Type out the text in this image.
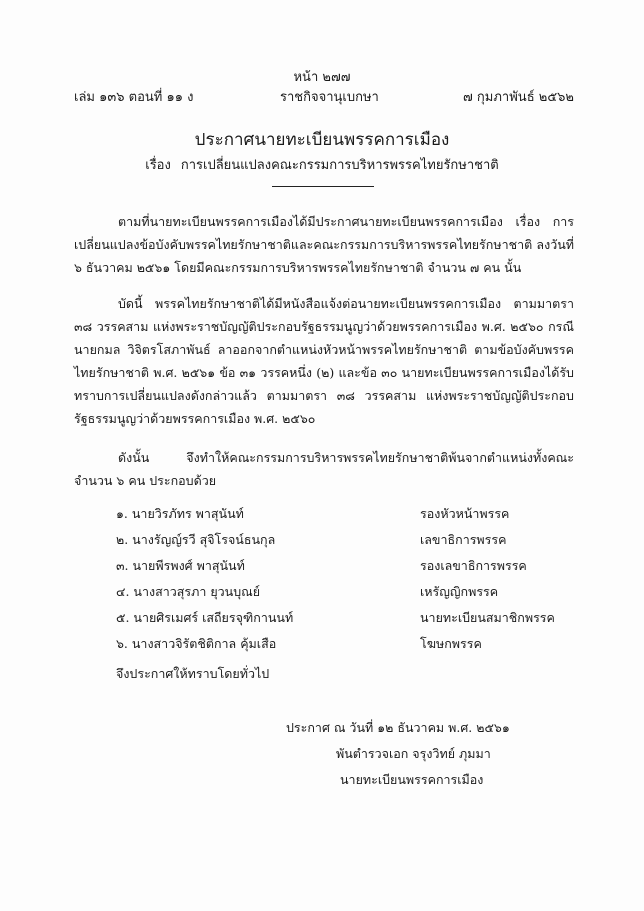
หน้า ๒๗๗
เล่ม ๑๓๖ ตอนที่ ๑๑ ง	ราชกิจจานุเบกษา	๗ กุมภาพันธ์ ๒๕๖๒
ประกาศนายทะเบียนพรรคการเมือง
เรื่อง การเปลี่ยนแปลงคณะกรรมการบริหารพรรคไทยรักษาชาติ

ตามที่นายทะเบียนพรรคการเมืองได้มีประกาศนายทะเบียนพรรคการเมือง เรื่อง การเปลี่ยนแปลงข้อบังคับพรรคไทยรักษาชาติและคณะกรรมการบริหารพรรคไทยรักษาชาติ ลงวันที่ ๖ ธันวาคม ๒๕๖๑ โดยมีคณะกรรมการบริหารพรรคไทยรักษาชาติ จำนวน ๗ คน นั้น

บัดนี้ พรรคไทยรักษาชาติได้มีหนังสือแจ้งต่อนายทะเบียนพรรคการเมือง ตามมาตรา ๓๘ วรรคสาม แห่งพระราชบัญญัติประกอบรัฐธรรมนูญว่าด้วยพรรคการเมือง พ.ศ. ๒๕๖๐ กรณี นายกมล วิจิตรโสภาพันธ์ ลาออกจากตำแหน่งหัวหน้าพรรคไทยรักษาชาติ ตามข้อบังคับพรรคไทยรักษาชาติ พ.ศ. ๒๕๖๑ ข้อ ๓๑ วรรคหนึ่ง (๒) และข้อ ๓๐ นายทะเบียนพรรคการเมืองได้รับทราบการเปลี่ยนแปลงดังกล่าวแล้ว ตามมาตรา ๓๘ วรรคสาม แห่งพระราชบัญญัติประกอบรัฐธรรมนูญว่าด้วยพรรคการเมือง พ.ศ. ๒๕๖๐

ดังนั้น จึงทำให้คณะกรรมการบริหารพรรคไทยรักษาชาติพ้นจากตำแหน่งทั้งคณะ จำนวน ๖ คน ประกอบด้วย

๑. นายวิรภัทร พาสุนันท์	รองหัวหน้าพรรค
๒. นางรัญญ์รวี สุจิโรจน์ธนกุล	เลขาธิการพรรค
๓. นายพีรพงศ์ พาสุนันท์	รองเลขาธิการพรรค
๔. นางสาวสุรภา ยุวนบุณย์	เหรัญญิกพรรค
๕. นายศิรเมศร์ เสถียรจุฑิกานนท์	นายทะเบียนสมาชิกพรรค
๖. นางสาวจิรัตชิติกาล คุ้มเสือ	โฆษกพรรค
จึงประกาศให้ทราบโดยทั่วไป
ประกาศ ณ วันที่ ๑๒ ธันวาคม พ.ศ. ๒๕๖๑
พันตำรวจเอก จรุงวิทย์ ภุมมา
นายทะเบียนพรรคการเมือง
